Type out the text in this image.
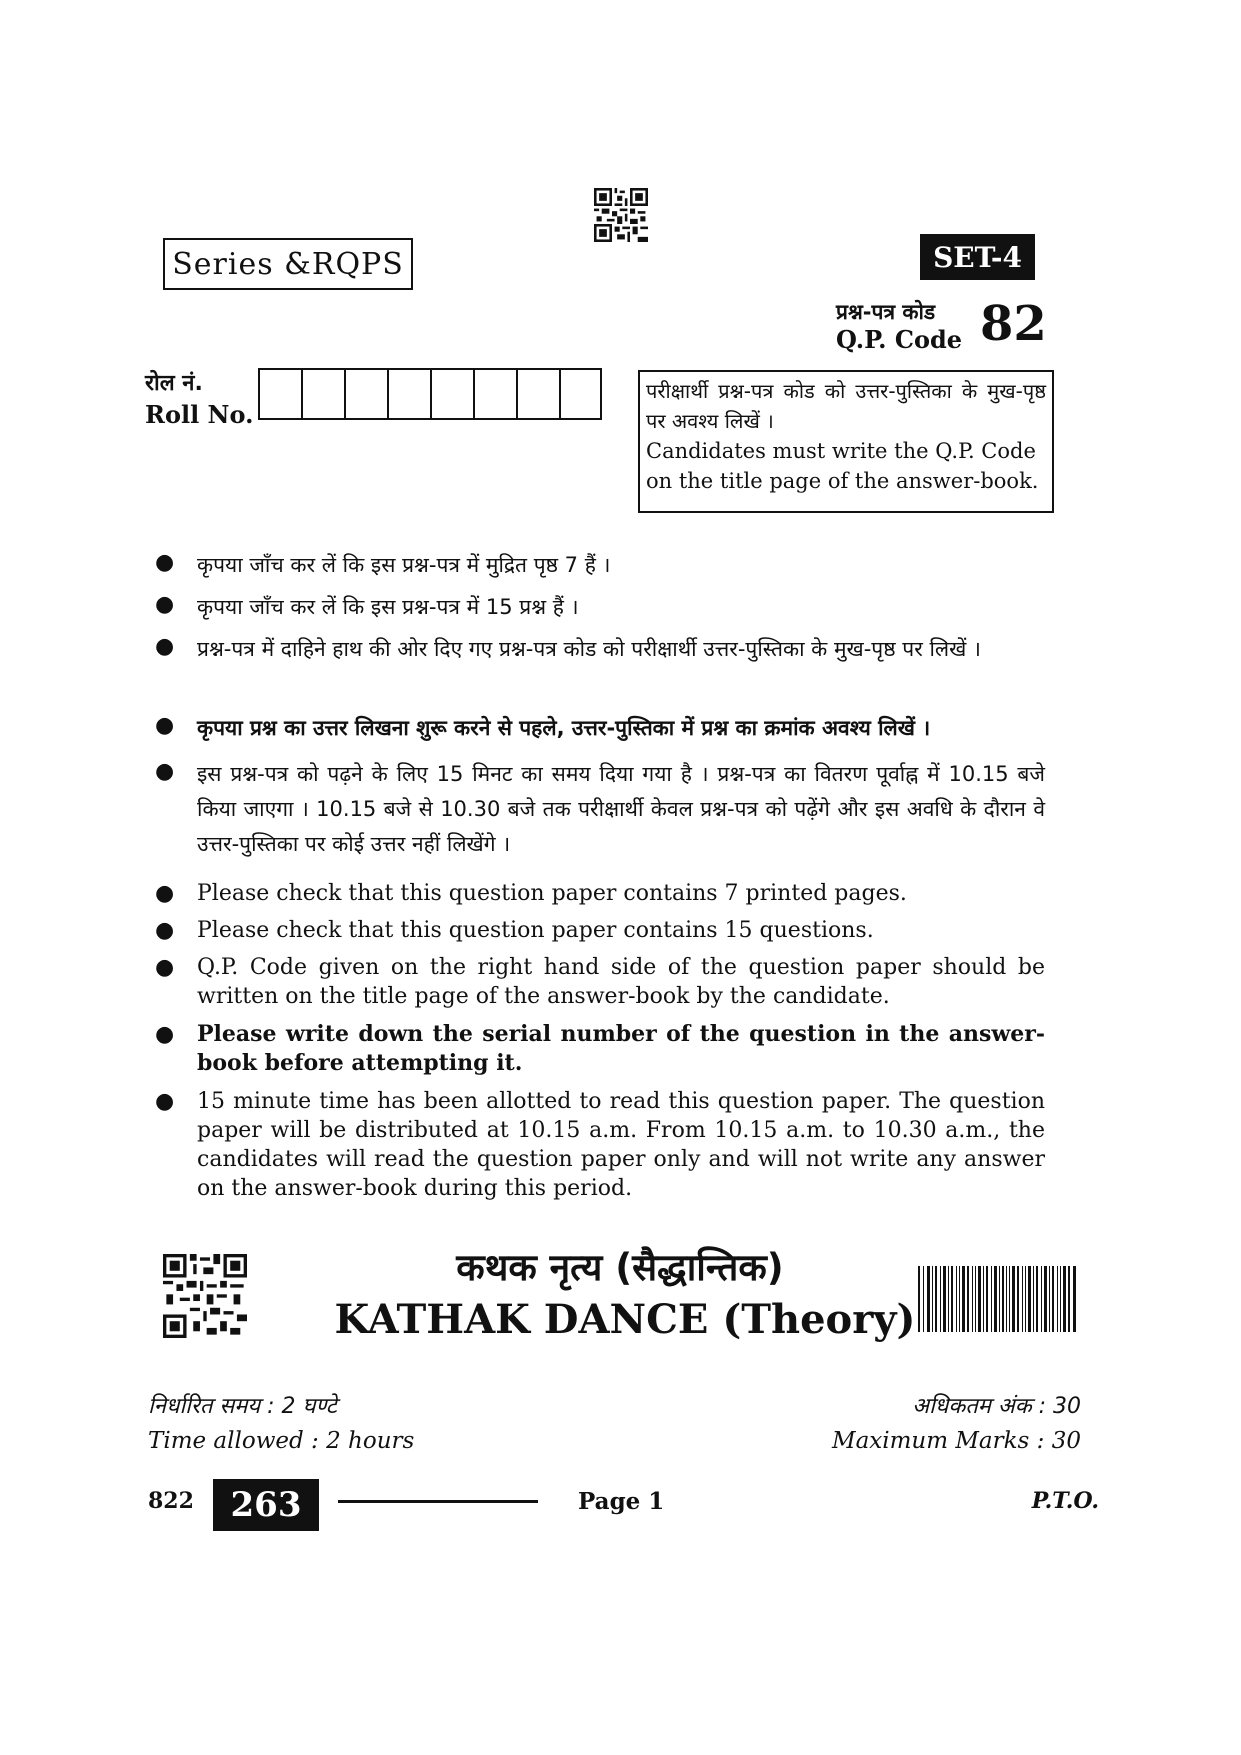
Series &RQPS	SET-4
प्रश्न-पत्र कोड
Q.P. Code 82
रोल नं.
Roll No.
परीक्षार्थी प्रश्न-पत्र कोड को उत्तर-पुस्तिका के मुख-पृष्ठ पर अवश्य लिखें ।
Candidates must write the Q.P. Code on the title page of the answer-book.
●	कृपया जाँच कर लें कि इस प्रश्न-पत्र में मुद्रित पृष्ठ 7 हैं ।
●	कृपया जाँच कर लें कि इस प्रश्न-पत्र में 15 प्रश्न हैं ।
●	प्रश्न-पत्र में दाहिने हाथ की ओर दिए गए प्रश्न-पत्र कोड को परीक्षार्थी उत्तर-पुस्तिका के मुख-पृष्ठ पर लिखें ।
●	कृपया प्रश्न का उत्तर लिखना शुरू करने से पहले, उत्तर-पुस्तिका में प्रश्न का क्रमांक अवश्य लिखें ।
●	इस प्रश्न-पत्र को पढ़ने के लिए 15 मिनट का समय दिया गया है । प्रश्न-पत्र का वितरण पूर्वाह्न में 10.15 बजे किया जाएगा । 10.15 बजे से 10.30 बजे तक परीक्षार्थी केवल प्रश्न-पत्र को पढ़ेंगे और इस अवधि के दौरान वे उत्तर-पुस्तिका पर कोई उत्तर नहीं लिखेंगे ।
●	Please check that this question paper contains 7 printed pages.
●	Please check that this question paper contains 15 questions.
●	Q.P. Code given on the right hand side of the question paper should be written on the title page of the answer-book by the candidate.
●	Please write down the serial number of the question in the answer-book before attempting it.
●	15 minute time has been allotted to read this question paper. The question paper will be distributed at 10.15 a.m. From 10.15 a.m. to 10.30 a.m., the candidates will read the question paper only and will not write any answer on the answer-book during this period.
कथक नृत्य (सैद्धान्तिक)
KATHAK DANCE (Theory)
निर्धारित समय : 2 घण्टे
Time allowed : 2 hours
अधिकतम अंक : 30
Maximum Marks : 30
822	263	Page 1	P.T.O.
